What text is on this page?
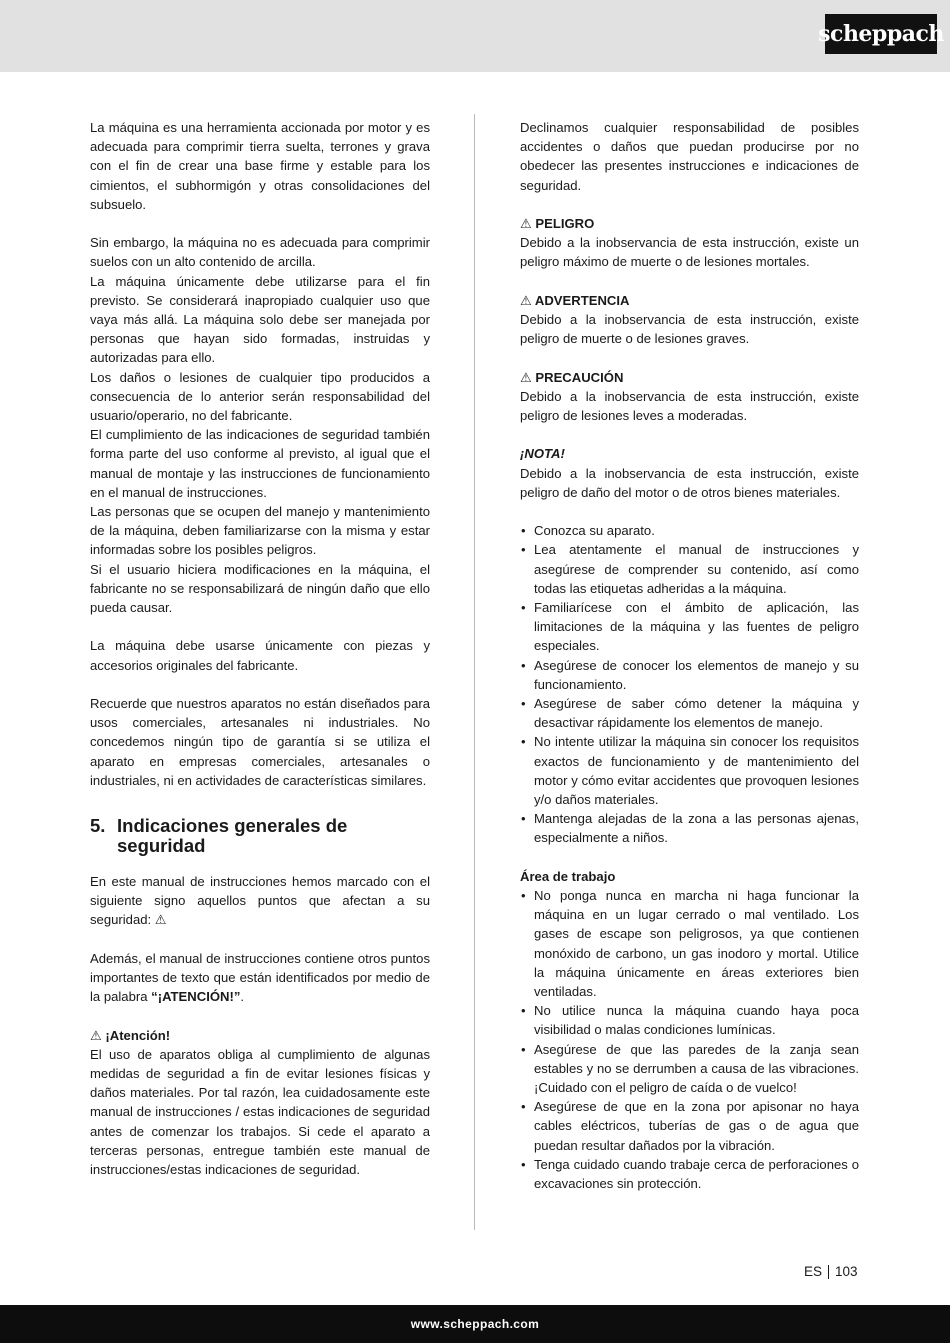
scheppach

La máquina es una herramienta accionada por motor y es adecuada para comprimir tierra suelta, terrones y grava con el fin de crear una base firme y estable para los cimientos, el subhormigón y otras consolidaciones del subsuelo.

Sin embargo, la máquina no es adecuada para comprimir suelos con un alto contenido de arcilla.

La máquina únicamente debe utilizarse para el fin previsto. Se considerará inapropiado cualquier uso que vaya más allá. La máquina solo debe ser manejada por personas que hayan sido formadas, instruidas y autorizadas para ello.

Los daños o lesiones de cualquier tipo producidos a consecuencia de lo anterior serán responsabilidad del usuario/operario, no del fabricante.

El cumplimiento de las indicaciones de seguridad también forma parte del uso conforme al previsto, al igual que el manual de montaje y las instrucciones de funcionamiento en el manual de instrucciones.

Las personas que se ocupen del manejo y mantenimiento de la máquina, deben familiarizarse con la misma y estar informadas sobre los posibles peligros.

Si el usuario hiciera modificaciones en la máquina, el fabricante no se responsabilizará de ningún daño que ello pueda causar.

La máquina debe usarse únicamente con piezas y accesorios originales del fabricante.

Recuerde que nuestros aparatos no están diseñados para usos comerciales, artesanales ni industriales. No concedemos ningún tipo de garantía si se utiliza el aparato en empresas comerciales, artesanales o industriales, ni en actividades de características similares.

5. Indicaciones generales de seguridad

En este manual de instrucciones hemos marcado con el siguiente signo aquellos puntos que afectan a su seguridad: ⚠

Además, el manual de instrucciones contiene otros puntos importantes de texto que están identificados por medio de la palabra “¡ATENCIÓN!”.

⚠ ¡Atención!

El uso de aparatos obliga al cumplimiento de algunas medidas de seguridad a fin de evitar lesiones físicas y daños materiales. Por tal razón, lea cuidadosamente este manual de instrucciones / estas indicaciones de seguridad antes de comenzar los trabajos. Si cede el aparato a terceras personas, entregue también este manual de instrucciones/estas indicaciones de seguridad.

Declinamos cualquier responsabilidad de posibles accidentes o daños que puedan producirse por no obedecer las presentes instrucciones e indicaciones de seguridad.

⚠ PELIGRO

Debido a la inobservancia de esta instrucción, existe un peligro máximo de muerte o de lesiones mortales.

⚠ ADVERTENCIA

Debido a la inobservancia de esta instrucción, existe peligro de muerte o de lesiones graves.

⚠ PRECAUCIÓN

Debido a la inobservancia de esta instrucción, existe peligro de lesiones leves a moderadas.

¡NOTA!

Debido a la inobservancia de esta instrucción, existe peligro de daño del motor o de otros bienes materiales.

• Conozca su aparato.
• Lea atentamente el manual de instrucciones y asegúrese de comprender su contenido, así como todas las etiquetas adheridas a la máquina.
• Familiarícese con el ámbito de aplicación, las limitaciones de la máquina y las fuentes de peligro especiales.
• Asegúrese de conocer los elementos de manejo y su funcionamiento.
• Asegúrese de saber cómo detener la máquina y desactivar rápidamente los elementos de manejo.
• No intente utilizar la máquina sin conocer los requisitos exactos de funcionamiento y de mantenimiento del motor y cómo evitar accidentes que provoquen lesiones y/o daños materiales.
• Mantenga alejadas de la zona a las personas ajenas, especialmente a niños.

Área de trabajo

• No ponga nunca en marcha ni haga funcionar la máquina en un lugar cerrado o mal ventilado. Los gases de escape son peligrosos, ya que contienen monóxido de carbono, un gas inodoro y mortal. Utilice la máquina únicamente en áreas exteriores bien ventiladas.
• No utilice nunca la máquina cuando haya poca visibilidad o malas condiciones lumínicas.
• Asegúrese de que las paredes de la zanja sean estables y no se derrumben a causa de las vibraciones. ¡Cuidado con el peligro de caída o de vuelco!
• Asegúrese de que en la zona por apisonar no haya cables eléctricos, tuberías de gas o de agua que puedan resultar dañados por la vibración.
• Tenga cuidado cuando trabaje cerca de perforaciones o excavaciones sin protección.
ES 103
www.scheppach.com
